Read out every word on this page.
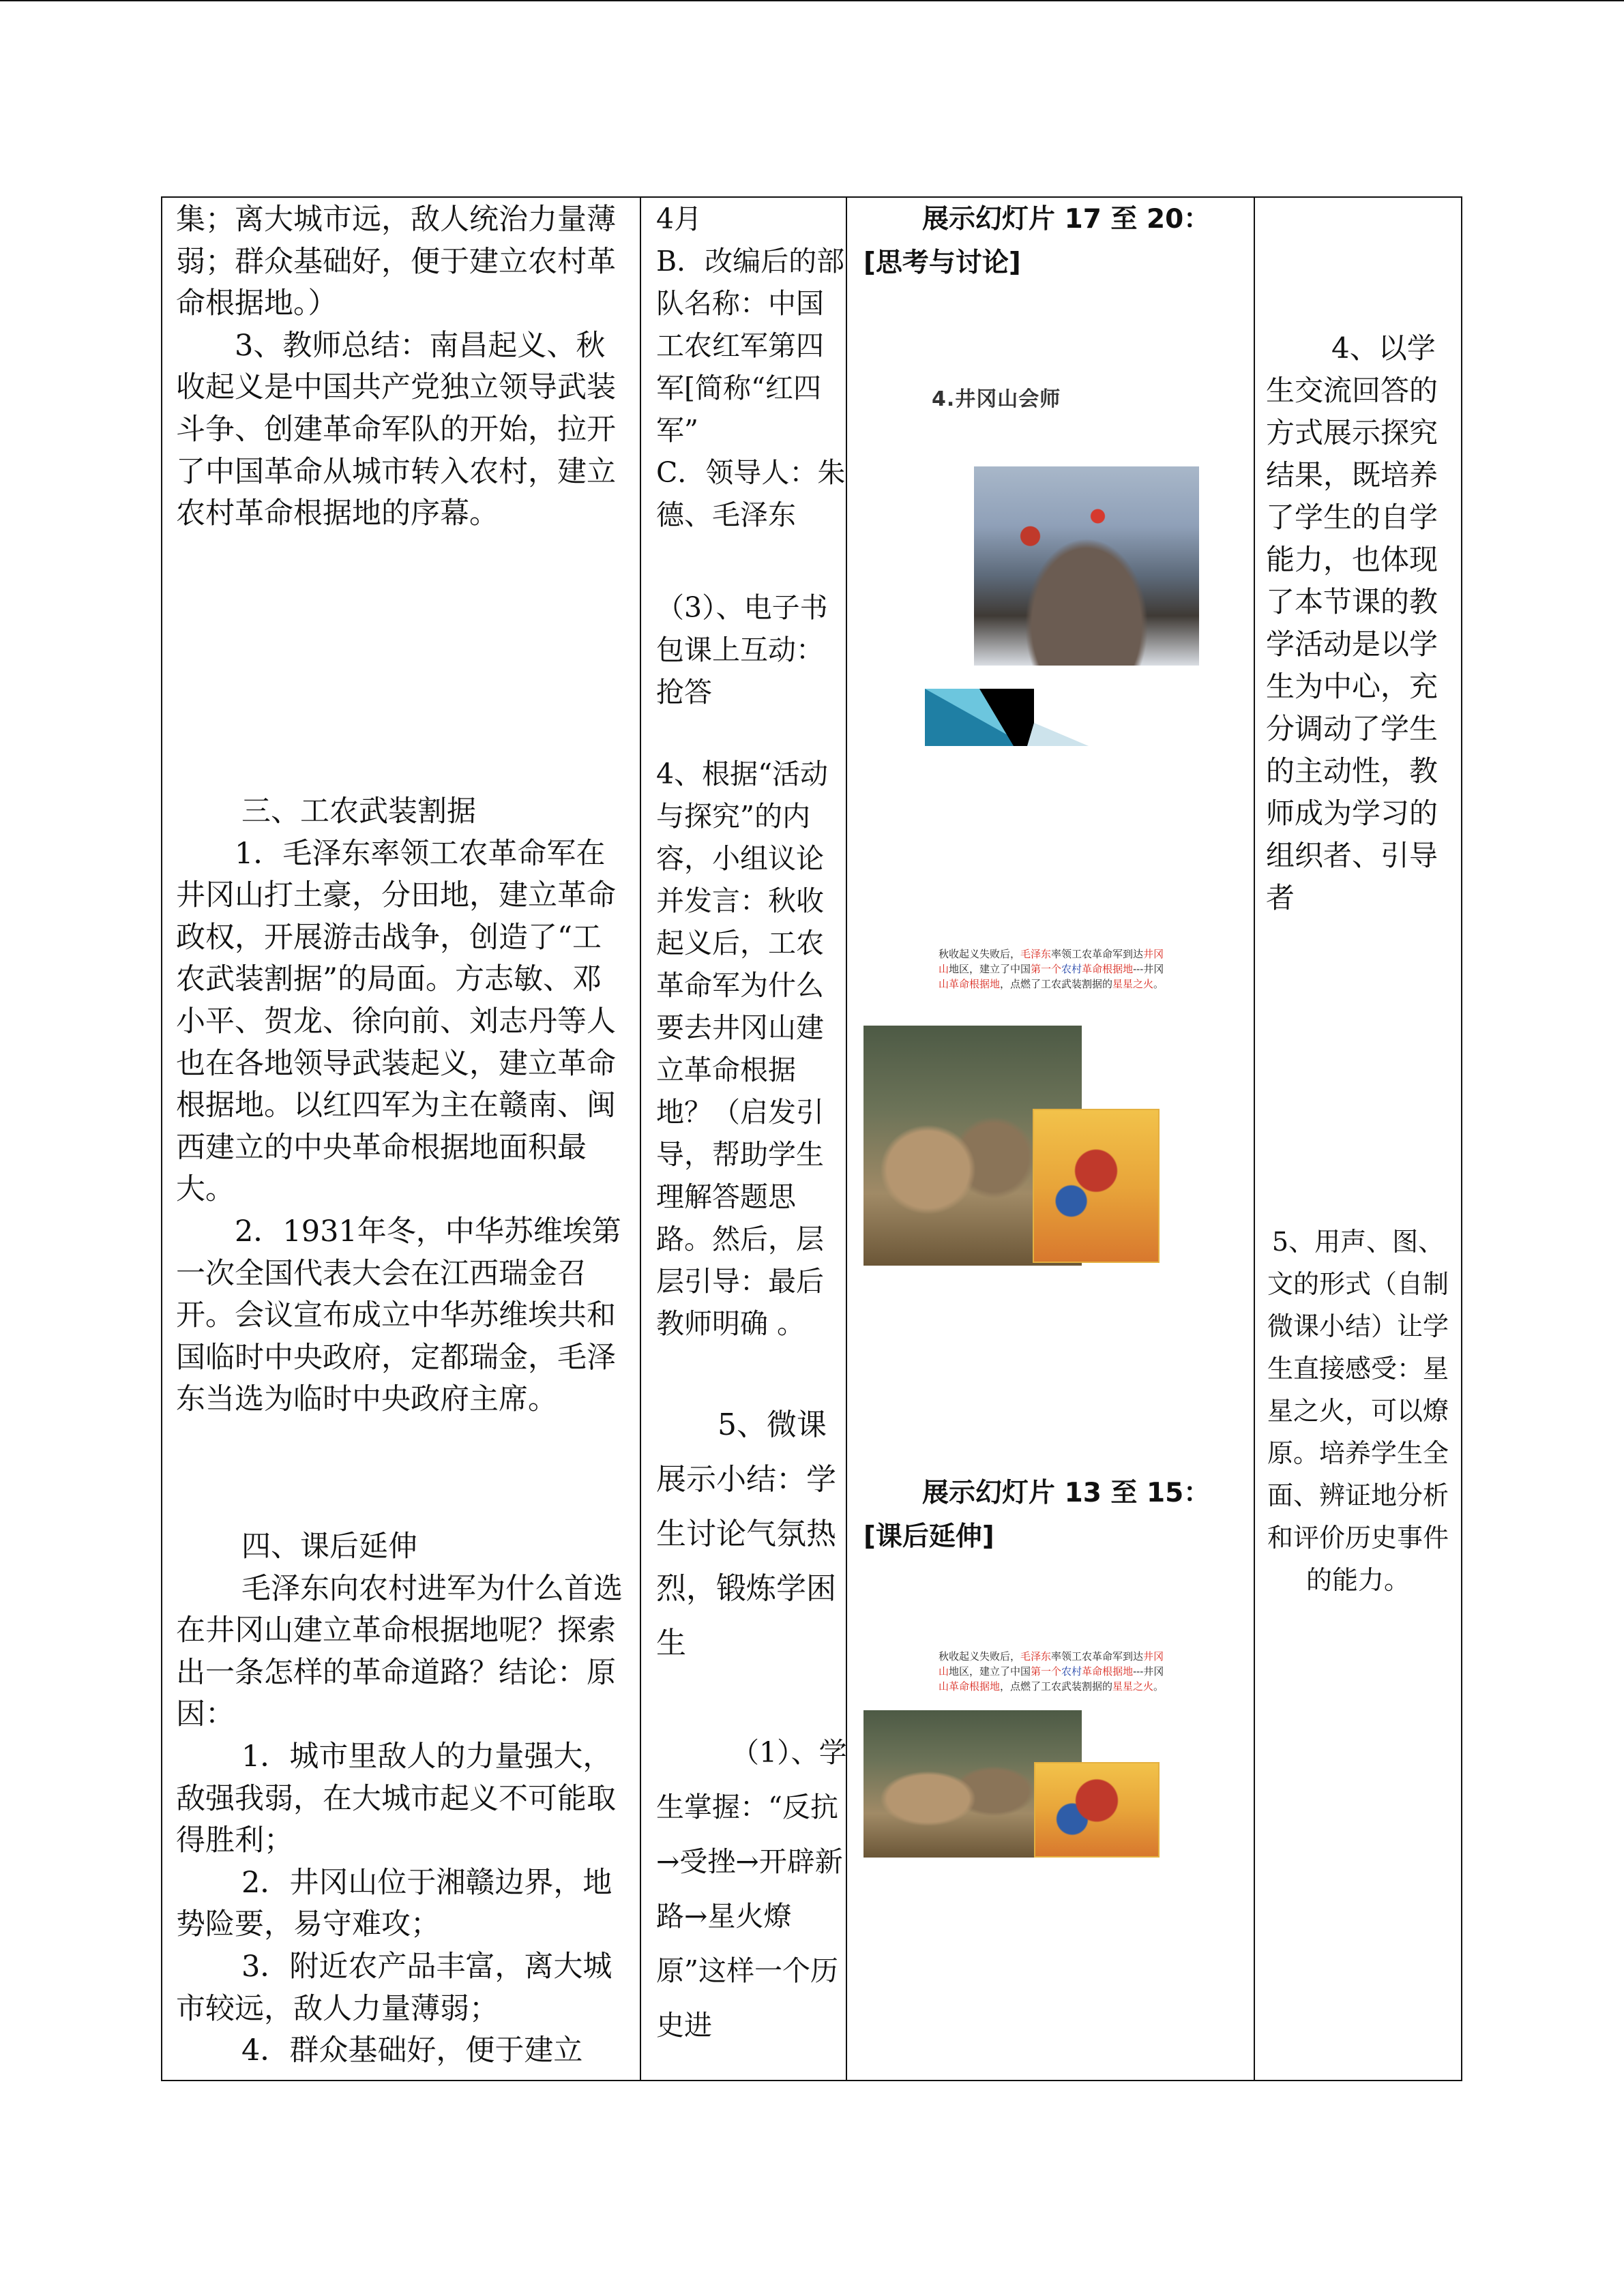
集；离大城市远，敌人统治力量薄弱；群众基础好，便于建立农村革命根据地。）

3、教师总结：南昌起义、秋收起义是中国共产党独立领导武装斗争、创建革命军队的开始，拉开了中国革命从城市转入农村，建立农村革命根据地的序幕。

三、工农武装割据

1．毛泽东率领工农革命军在井冈山打土豪，分田地，建立革命政权，开展游击战争，创造了“工农武装割据”的局面。方志敏、邓小平、贺龙、徐向前、刘志丹等人也在各地领导武装起义，建立革命根据地。以红四军为主在赣南、闽西建立的中央革命根据地面积最大。

2．1931年冬，中华苏维埃第一次全国代表大会在江西瑞金召开。会议宣布成立中华苏维埃共和国临时中央政府，定都瑞金，毛泽东当选为临时中央政府主席。

四、课后延伸

毛泽东向农村进军为什么首选在井冈山建立革命根据地呢？探索出一条怎样的革命道路？结论：原因：

1．城市里敌人的力量强大，敌强我弱，在大城市起义不可能取得胜利；

2．井冈山位于湘赣边界，地势险要，易守难攻；

3．附近农产品丰富，离大城市较远，敌人力量薄弱；

4．群众基础好，便于建立

4月

B．改编后的部队名称：中国工农红军第四军[简称“红四军”

C．领导人：朱德、毛泽东

（3）、电子书包课上互动：抢答

4、根据“活动与探究”的内容，小组议论并发言：秋收起义后，工农革命军为什么要去井冈山建立革命根据地？（启发引导，帮助学生理解答题思路。然后，层层引导：最后教师明确 。

5、微课展示小结：学生讨论气氛热烈，锻炼学困生

（1）、学生掌握：“反抗→受挫→开辟新路→星火燎原”这样一个历史进

展示幻灯片 17 至 20：[思考与讨论]
4.井冈山会师
秋收起义失败后，毛泽东率领工农革命军到达井冈
山地区，建立了中国第一个农村革命根据地---井冈
山革命根据地，点燃了工农武装割据的星星之火。
展示幻灯片 13 至 15：[课后延伸]
秋收起义失败后，毛泽东率领工农革命军到达井冈
山地区，建立了中国第一个农村革命根据地---井冈
山革命根据地，点燃了工农武装割据的星星之火。

4、以学生交流回答的方式展示探究结果，既培养了学生的自学能力，也体现了本节课的教学活动是以学生为中心，充分调动了学生的主动性，教师成为学习的组织者、引导者

5、用声、图、文的形式（自制微课小结）让学生直接感受：星星之火，可以燎原。培养学生全面、辨证地分析和评价历史事件的能力。
